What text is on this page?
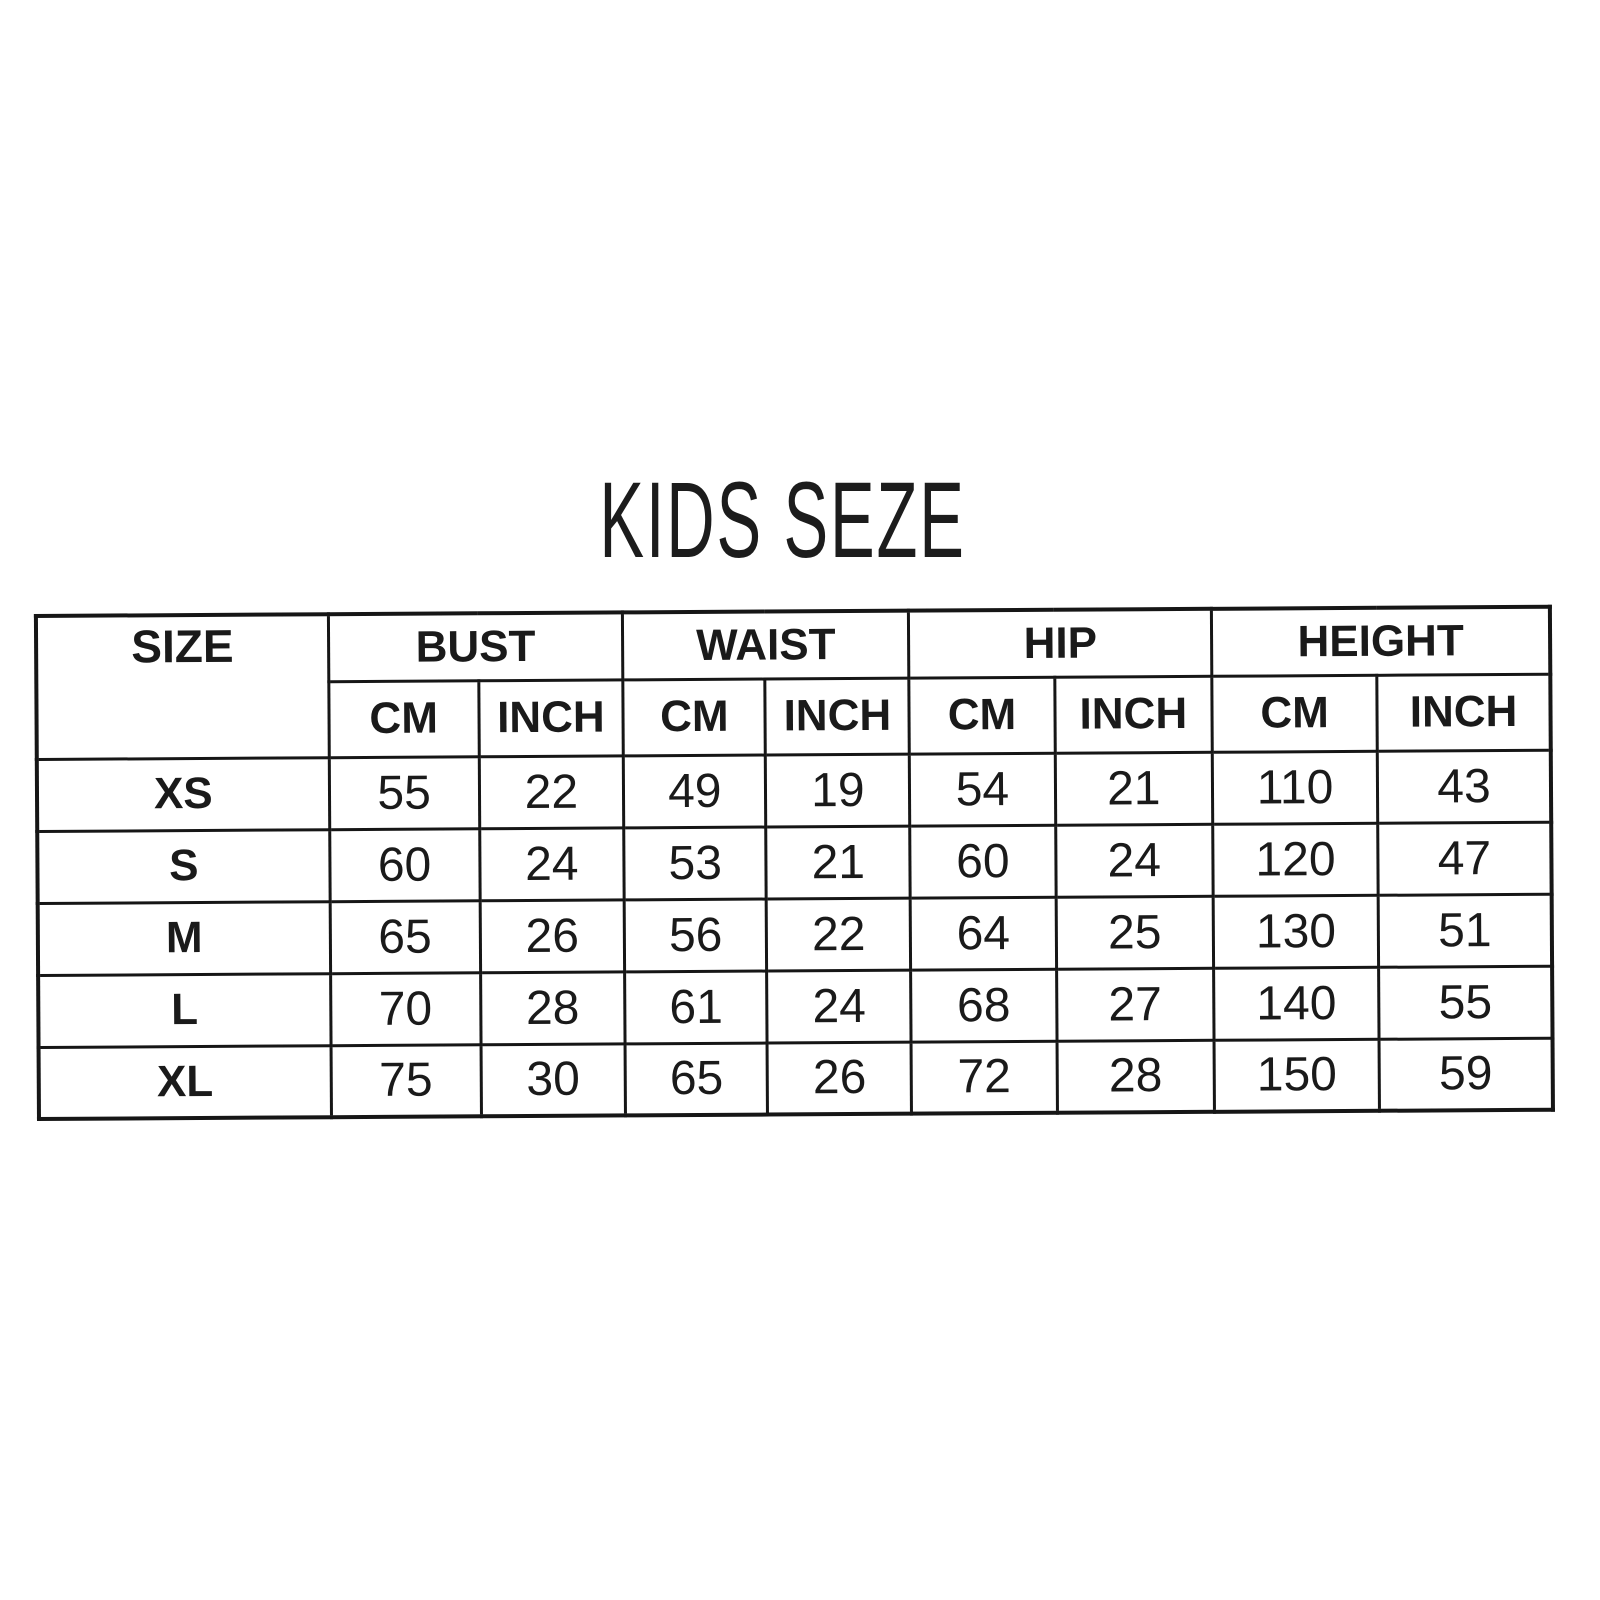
KIDS SEZE
SIZE	BUST		WAIST		HIP		HEIGHT	
	CM	INCH	CM	INCH	CM	INCH	CM	INCH
XS	55	22	49	19	54	21	110	43
S	60	24	53	21	60	24	120	47
M	65	26	56	22	64	25	130	51
L	70	28	61	24	68	27	140	55
XL	75	30	65	26	72	28	150	59
